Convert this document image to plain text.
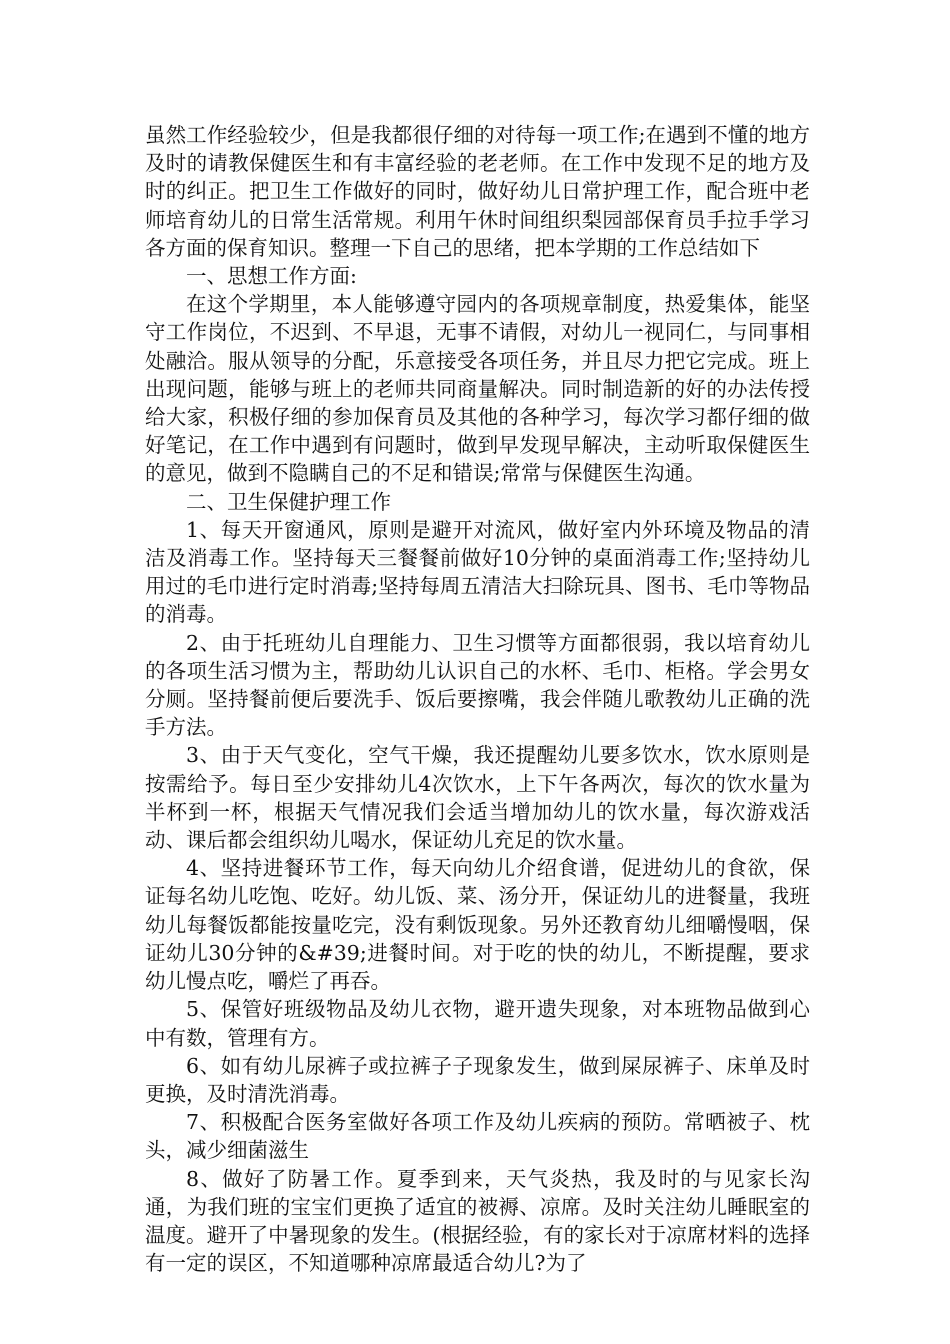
虽然工作经验较少，但是我都很仔细的对待每一项工作;在遇到不懂的地方及时的请教保健医生和有丰富经验的老老师。在工作中发现不足的地方及时的纠正。把卫生工作做好的同时，做好幼儿日常护理工作，配合班中老师培育幼儿的日常生活常规。利用午休时间组织梨园部保育员手拉手学习各方面的保育知识。整理一下自己的思绪，把本学期的工作总结如下

一、思想工作方面:

在这个学期里，本人能够遵守园内的各项规章制度，热爱集体，能坚守工作岗位，不迟到、不早退，无事不请假，对幼儿一视同仁，与同事相处融洽。服从领导的分配，乐意接受各项任务，并且尽力把它完成。班上出现问题，能够与班上的老师共同商量解决。同时制造新的好的办法传授给大家，积极仔细的参加保育员及其他的各种学习，每次学习都仔细的做好笔记，在工作中遇到有问题时，做到早发现早解决，主动听取保健医生的意见，做到不隐瞒自己的不足和错误;常常与保健医生沟通。

二、卫生保健护理工作

1、每天开窗通风，原则是避开对流风，做好室内外环境及物品的清洁及消毒工作。坚持每天三餐餐前做好10分钟的桌面消毒工作;坚持幼儿用过的毛巾进行定时消毒;坚持每周五清洁大扫除玩具、图书、毛巾等物品的消毒。

2、由于托班幼儿自理能力、卫生习惯等方面都很弱，我以培育幼儿的各项生活习惯为主，帮助幼儿认识自己的水杯、毛巾、柜格。学会男女分厕。坚持餐前便后要洗手、饭后要擦嘴，我会伴随儿歌教幼儿正确的洗手方法。

3、由于天气变化，空气干燥，我还提醒幼儿要多饮水，饮水原则是按需给予。每日至少安排幼儿4次饮水，上下午各两次，每次的饮水量为半杯到一杯，根据天气情况我们会适当增加幼儿的饮水量，每次游戏活动、课后都会组织幼儿喝水，保证幼儿充足的饮水量。

4、坚持进餐环节工作，每天向幼儿介绍食谱，促进幼儿的食欲，保证每名幼儿吃饱、吃好。幼儿饭、菜、汤分开，保证幼儿的进餐量，我班幼儿每餐饭都能按量吃完，没有剩饭现象。另外还教育幼儿细嚼慢咽，保证幼儿30分钟的&#39;进餐时间。对于吃的快的幼儿，不断提醒，要求幼儿慢点吃，嚼烂了再吞。

5、保管好班级物品及幼儿衣物，避开遗失现象，对本班物品做到心中有数，管理有方。

6、如有幼儿尿裤子或拉裤子子现象发生，做到屎尿裤子、床单及时更换，及时清洗消毒。

7、积极配合医务室做好各项工作及幼儿疾病的预防。常晒被子、枕头，减少细菌滋生

8、做好了防暑工作。夏季到来，天气炎热，我及时的与见家长沟通，为我们班的宝宝们更换了适宜的被褥、凉席。及时关注幼儿睡眠室的温度。避开了中暑现象的发生。(根据经验，有的家长对于凉席材料的选择有一定的误区，不知道哪种凉席最适合幼儿?为了
